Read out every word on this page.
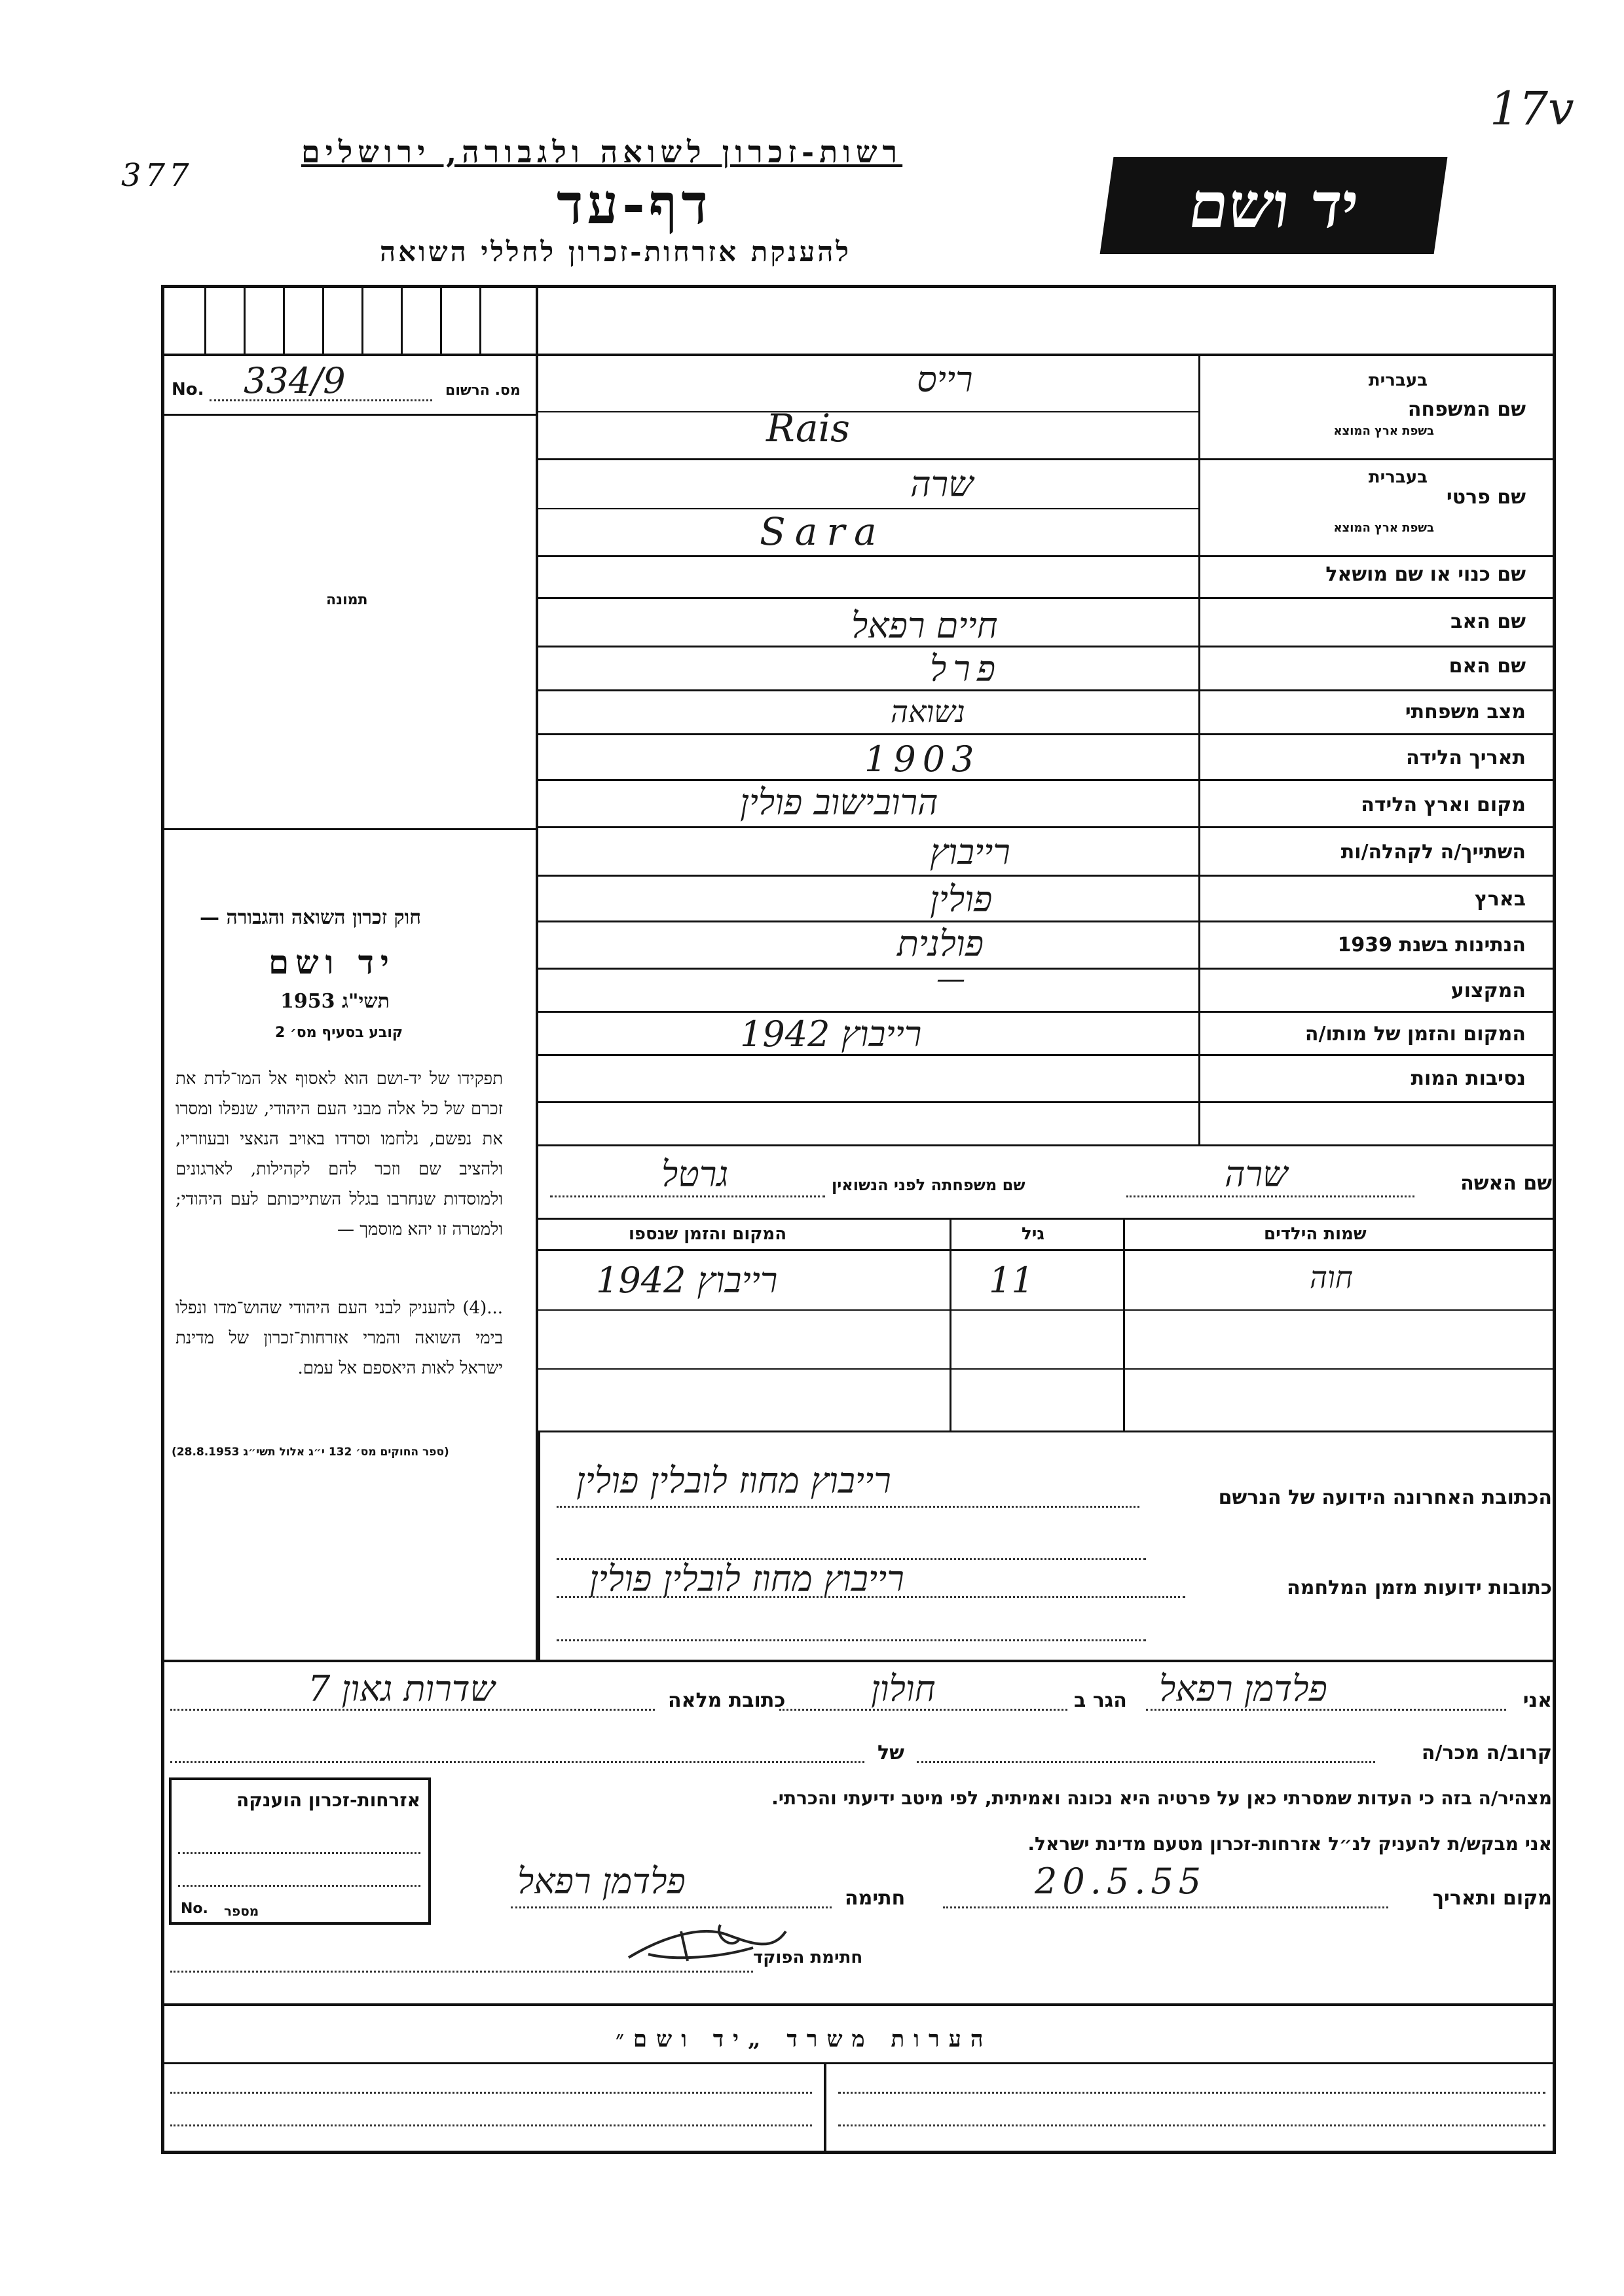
17v
377
רשות-זכרון לשואה ולגבורה, ירושלים
דף-עד
להענקת אזרחות-זכרון לחללי השואה
יד ושם
No. 334/9	מס. הרשום
תמונה
חוק זכרון השואה והגבורה —
יד ושם
תשי"ג 1953
קובע בסעיף מס׳ 2
תפקידו של יד-ושם הוא לאסוף אל המו־לדת את זכרם של כל אלה מבני העם היהודי, שנפלו ומסרו את נפשם, נלחמו וסרדו באויב הנאצי ובעוזריו, ולהציב שם וזכר להם לקהילות, לארגונים ולמוסדות שנחרבו בגלל השתייכותם לעם היהודי; ולמטרה זו יהא מוסמך —
...(4) להעניק לבני העם היהודי שהוש־מדו ונפלו בימי השואה והמרי אזרחות־זכרון של מדינת ישראל לאות היאספם אל עמם.
(ספר החוקים מס׳ 132 י״ג אלול תשי״ג 28.8.1953)
שם המשפחה
בעברית
בשפת ארץ המוצא
שם פרטי
בעברית
בשפת ארץ המוצא
שם כנוי או שם מושאל
שם האב
שם האם
מצב משפחתי
תאריך הלידה
מקום וארץ הלידה
השתייך/ה לקהלה/ות
בארץ
הנתינות בשנת 1939
המקצוע
המקום והזמן של מותו/ה
נסיבות המות
רייס
Rais
שרה
Sara
חיים רפאל
פרל
נשואה
1903
הרובישוב פולין
רייבוץ
פולין
פולנית
—
רייבוץ 1942
שם האשה
שרה
שם משפחתה לפני הנשואין
גרטל
שמות הילדים
גיל
המקום והזמן שנספו
חוה
11
רייבוץ 1942
הכתובת האחרונה הידועה של הנרשם
רייבוץ מחוז לובלין פולין
כתובות ידועות מזמן המלחמה
רייבוץ מחוז לובלין פולין
אני
פלדמן רפאל
הגר ב
חולון
כתובת מלאה
שדרות גאון 7
קרוב/ה מכר/ה
של
מצהיר/ה בזה כי העדות שמסרתי כאן על פרטיה היא נכונה ואמיתית, לפי מיטב ידיעתי והכרתי.
אני מבקש/ת להעניק לנ״ל אזרחות-זכרון מטעם מדינת ישראל.
מקום ותאריך
20.5.55
חתימה
פלדמן רפאל
חתימת הפוקד
אזרחות-זכרון הוענקה
No. מספר
הערות משרד „יד ושם״
